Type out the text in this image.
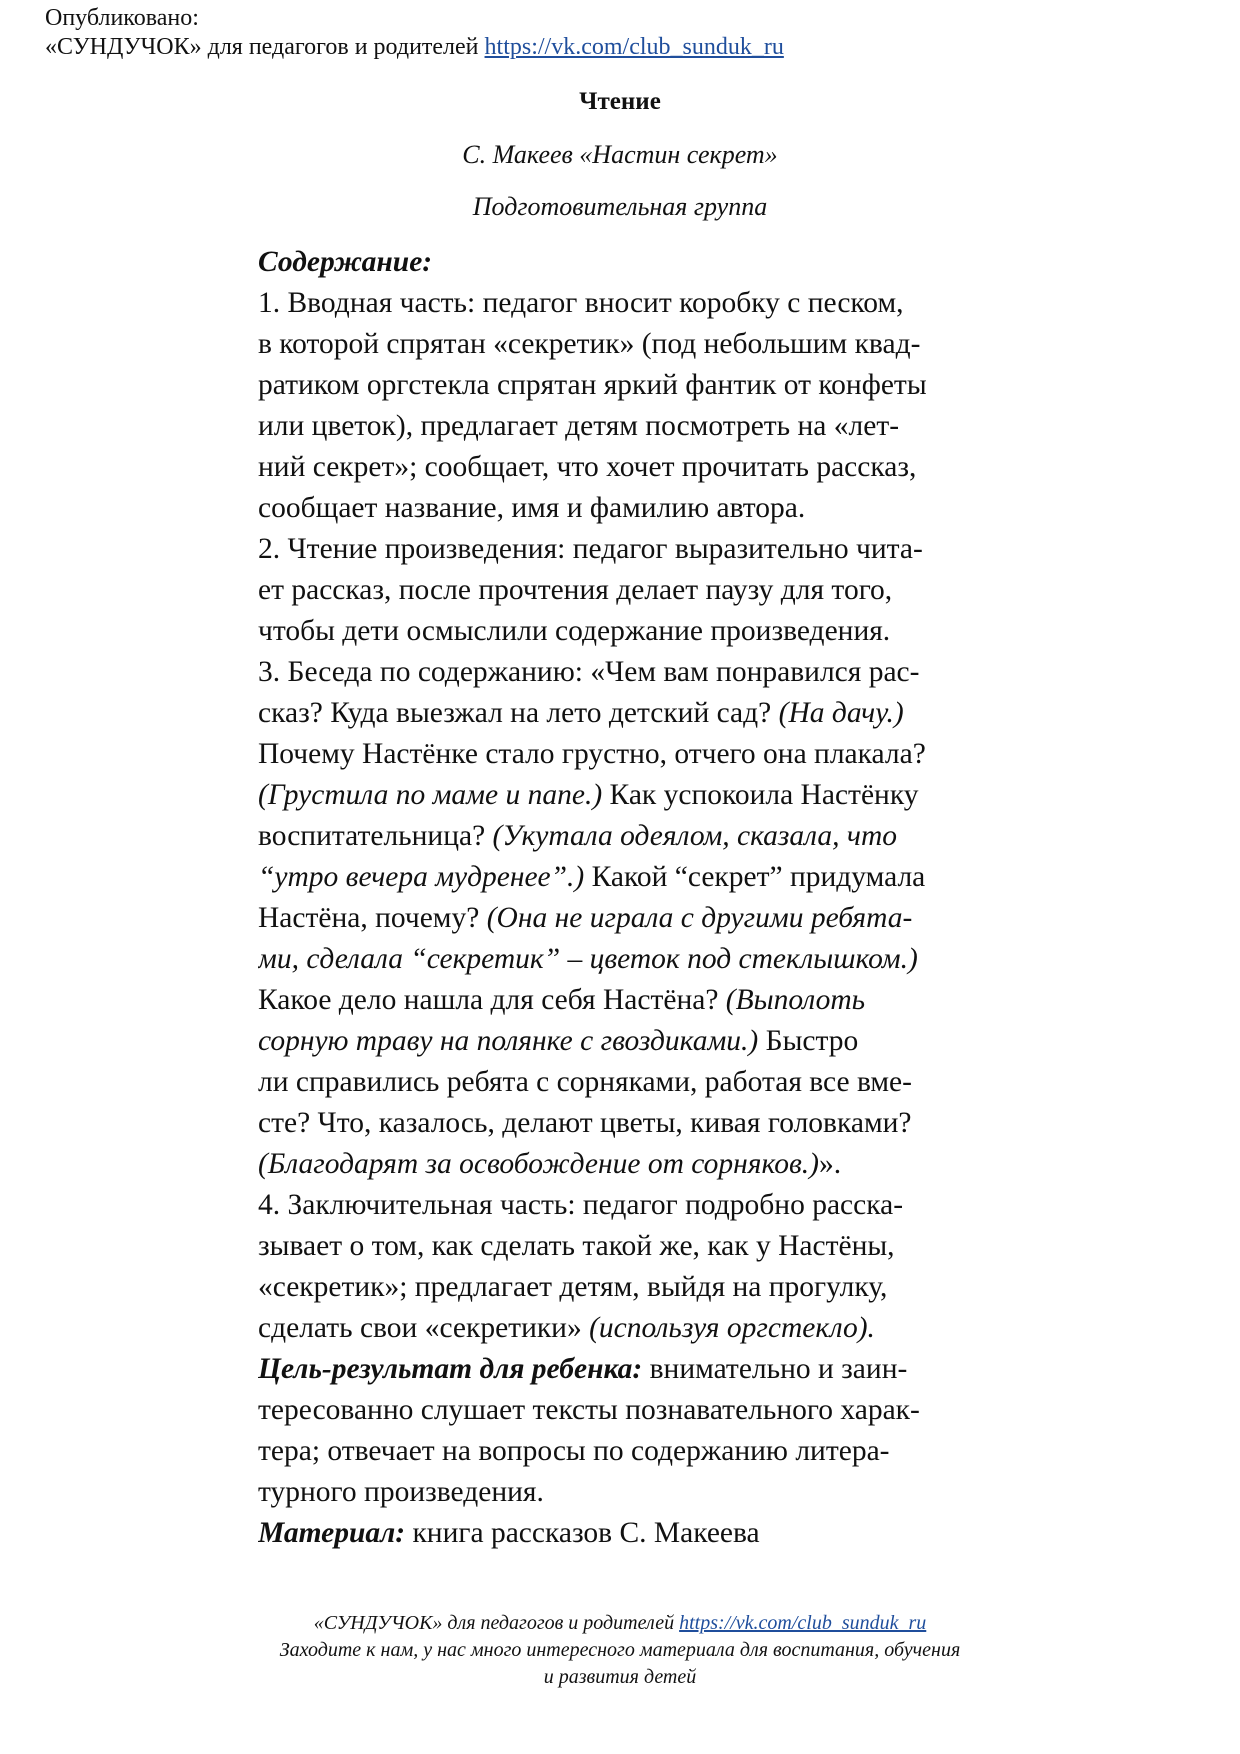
Опубликовано:
«СУНДУЧОК» для педагогов и родителей https://vk.com/club_sunduk_ru
Чтение
С. Макеев «Настин секрет»
Подготовительная группа
Содержание:
1. Вводная часть: педагог вносит коробку с песком,
в которой спрятан «секретик» (под небольшим квад-
ратиком оргстекла спрятан яркий фантик от конфеты
или цветок), предлагает детям посмотреть на «лет-
ний секрет»; сообщает, что хочет прочитать рассказ,
сообщает название, имя и фамилию автора.
2. Чтение произведения: педагог выразительно чита-
ет рассказ, после прочтения делает паузу для того,
чтобы дети осмыслили содержание произведения.
3. Беседа по содержанию: «Чем вам понравился рас-
сказ? Куда выезжал на лето детский сад? (На дачу.)
Почему Настёнке стало грустно, отчего она плакала?
(Грустила по маме и папе.) Как успокоила Настёнку
воспитательница? (Укутала одеялом, сказала, что
“утро вечера мудренее”.) Какой “секрет” придумала
Настёна, почему? (Она не играла с другими ребята-
ми, сделала “секретик” – цветок под стеклышком.)
Какое дело нашла для себя Настёна? (Выполоть
сорную траву на полянке с гвоздиками.) Быстро
ли справились ребята с сорняками, работая все вме-
сте? Что, казалось, делают цветы, кивая головками?
(Благодарят за освобождение от сорняков.)».
4. Заключительная часть: педагог подробно расска-
зывает о том, как сделать такой же, как у Настёны,
«секретик»; предлагает детям, выйдя на прогулку,
сделать свои «секретики» (используя оргстекло).
Цель-результат для ребенка: внимательно и заин-
тересованно слушает тексты познавательного харак-
тера; отвечает на вопросы по содержанию литера-
турного произведения.
Материал: книга рассказов С. Макеева
«СУНДУЧОК» для педагогов и родителей https://vk.com/club_sunduk_ru
Заходите к нам, у нас много интересного материала для воспитания, обучения
и развития детей
